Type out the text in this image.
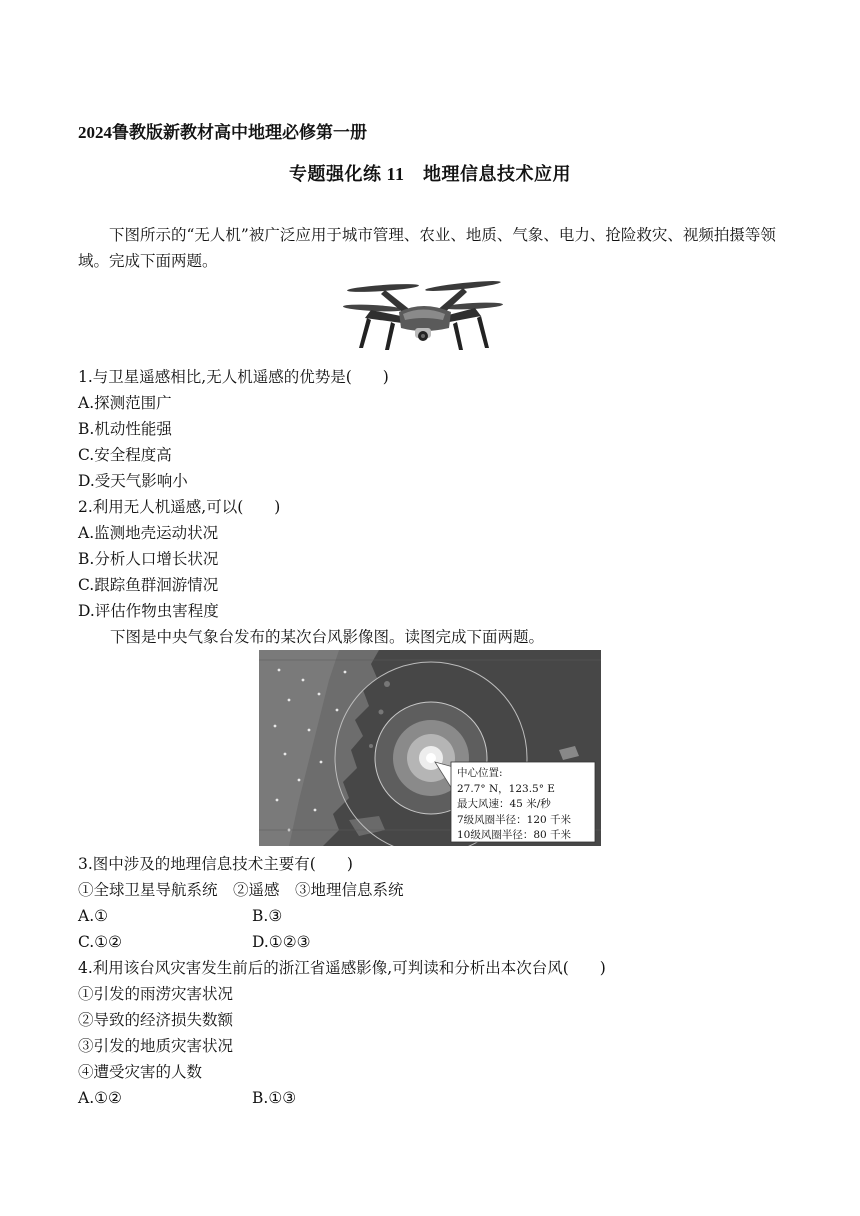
2024鲁教版新教材高中地理必修第一册
专题强化练 11　地理信息技术应用
下图所示的“无人机”被广泛应用于城市管理、农业、地质、气象、电力、抢险救灾、视频拍摄等领域。完成下面两题。
1.与卫星遥感相比,无人机遥感的优势是(　　)
A.探测范围广
B.机动性能强
C.安全程度高
D.受天气影响小
2.利用无人机遥感,可以(　　)
A.监测地壳运动状况
B.分析人口增长状况
C.跟踪鱼群洄游情况
D.评估作物虫害程度
下图是中央气象台发布的某次台风影像图。读图完成下面两题。
中心位置:
27.7° N，123.5° E
最大风速：45 米/秒
7级风圈半径：120 千米
10级风圈半径：80 千米
3.图中涉及的地理信息技术主要有(　　)
①全球卫星导航系统　②遥感　③地理信息系统
A.①	B.③
C.①②	D.①②③
4.利用该台风灾害发生前后的浙江省遥感影像,可判读和分析出本次台风(　　)
①引发的雨涝灾害状况
②导致的经济损失数额
③引发的地质灾害状况
④遭受灾害的人数
A.①②	B.①③
